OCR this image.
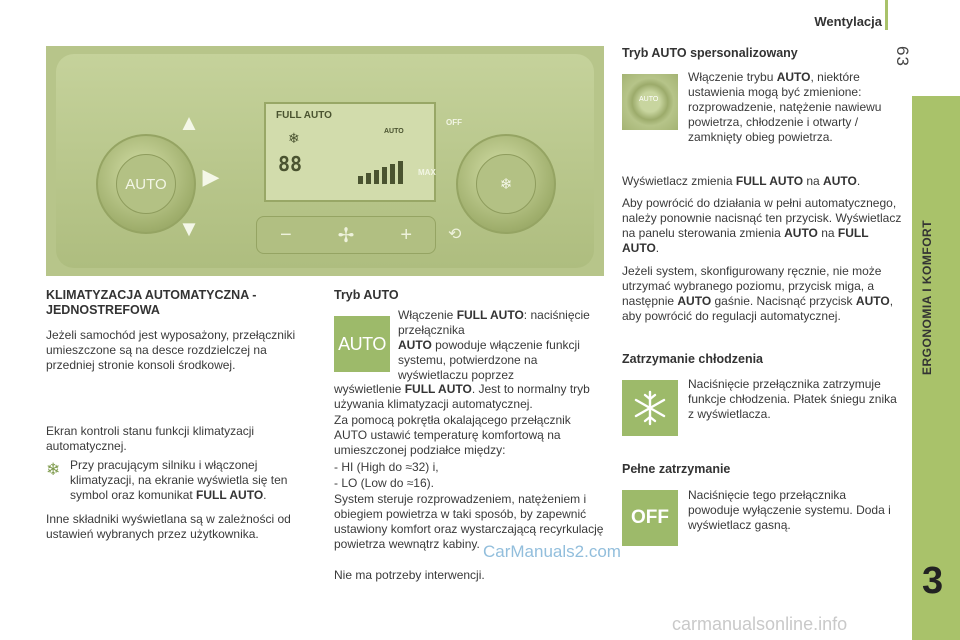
Wentylacja
63
ERGONOMIA I KOMFORT
3
AUTO
▲
▶
▼
FULL AUTO
❄	AUTO
88
OFF
MAX
❄
− ✢ + ⟲
KLIMATYZACJA AUTOMATYCZNA - JEDNOSTREFOWA
Jeżeli samochód jest wyposażony, przełączniki umieszczone są na desce rozdzielczej na przedniej stronie konsoli środkowej.
Ekran kontroli stanu funkcji klimatyzacji automatycznej.
❄ Przy pracującym silniku i włączonej klimatyzacji, na ekranie wyświetla się ten symbol oraz komunikat FULL AUTO.
Inne składniki wyświetlana są w zależności od ustawień wybranych przez użytkownika.
Tryb AUTO
AUTO
Włączenie FULL AUTO: naciśnięcie przełącznika
AUTO powoduje włączenie funkcji systemu, potwierdzone na wyświetlaczu poprzez
wyświetlenie FULL AUTO. Jest to normalny tryb używania klimatyzacji automatycznej.
Za pomocą pokrętła okalającego przełącznik AUTO ustawić temperaturę komfortową na umieszczonej podziałce między:
- HI (High do ≈32) i,
- LO (Low do ≈16).
System steruje rozprowadzeniem, natężeniem i obiegiem powietrza w taki sposób, by zapewnić ustawiony komfort oraz wystarczającą recyrkulację powietrza wewnątrz kabiny.
Nie ma potrzeby interwencji.
Tryb AUTO spersonalizowany
AUTO
Włączenie trybu AUTO, niektóre ustawienia mogą być zmienione: rozprowadzenie, natężenie nawiewu powietrza, chłodzenie i otwarty / zamknięty obieg powietrza.
Wyświetlacz zmienia FULL AUTO na AUTO.
Aby powrócić do działania w pełni automatycznego, należy ponownie nacisnąć ten przycisk. Wyświetlacz na panelu sterowania zmienia AUTO na FULL AUTO.
Jeżeli system, skonfigurowany ręcznie, nie może utrzymać wybranego poziomu, przycisk miga, a następnie AUTO gaśnie. Nacisnąć przycisk AUTO, aby powrócić do regulacji automatycznej.
Zatrzymanie chłodzenia
Naciśnięcie przełącznika zatrzymuje funkcje chłodzenia. Płatek śniegu znika z wyświetlacza.
Pełne zatrzymanie
OFF
Naciśnięcie tego przełącznika powoduje wyłączenie systemu. Doda i wyświetlacz gasną.
CarManuals2.com
carmanualsonline.info
